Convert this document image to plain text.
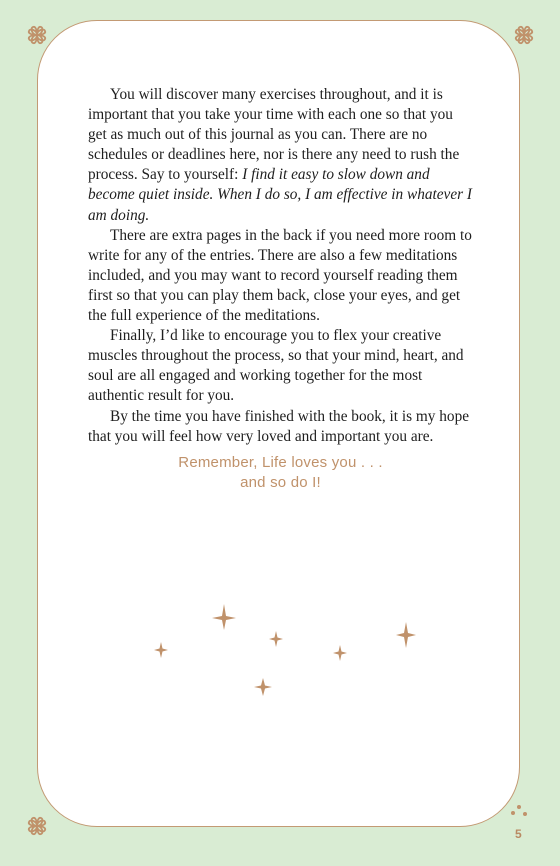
You will discover many exercises throughout, and it is important that you take your time with each one so that you get as much out of this journal as you can. There are no schedules or deadlines here, nor is there any need to rush the process. Say to yourself: I find it easy to slow down and become quiet inside. When I do so, I am effective in whatever I am doing.

There are extra pages in the back if you need more room to write for any of the entries. There are also a few meditations included, and you may want to record yourself reading them first so that you can play them back, close your eyes, and get the full experience of the meditations.

Finally, I’d like to encourage you to flex your creative muscles throughout the process, so that your mind, heart, and soul are all engaged and working together for the most authentic result for you.

By the time you have finished with the book, it is my hope that you will feel how very loved and important you are.

Remember, Life loves you . . .
and so do I!
5
